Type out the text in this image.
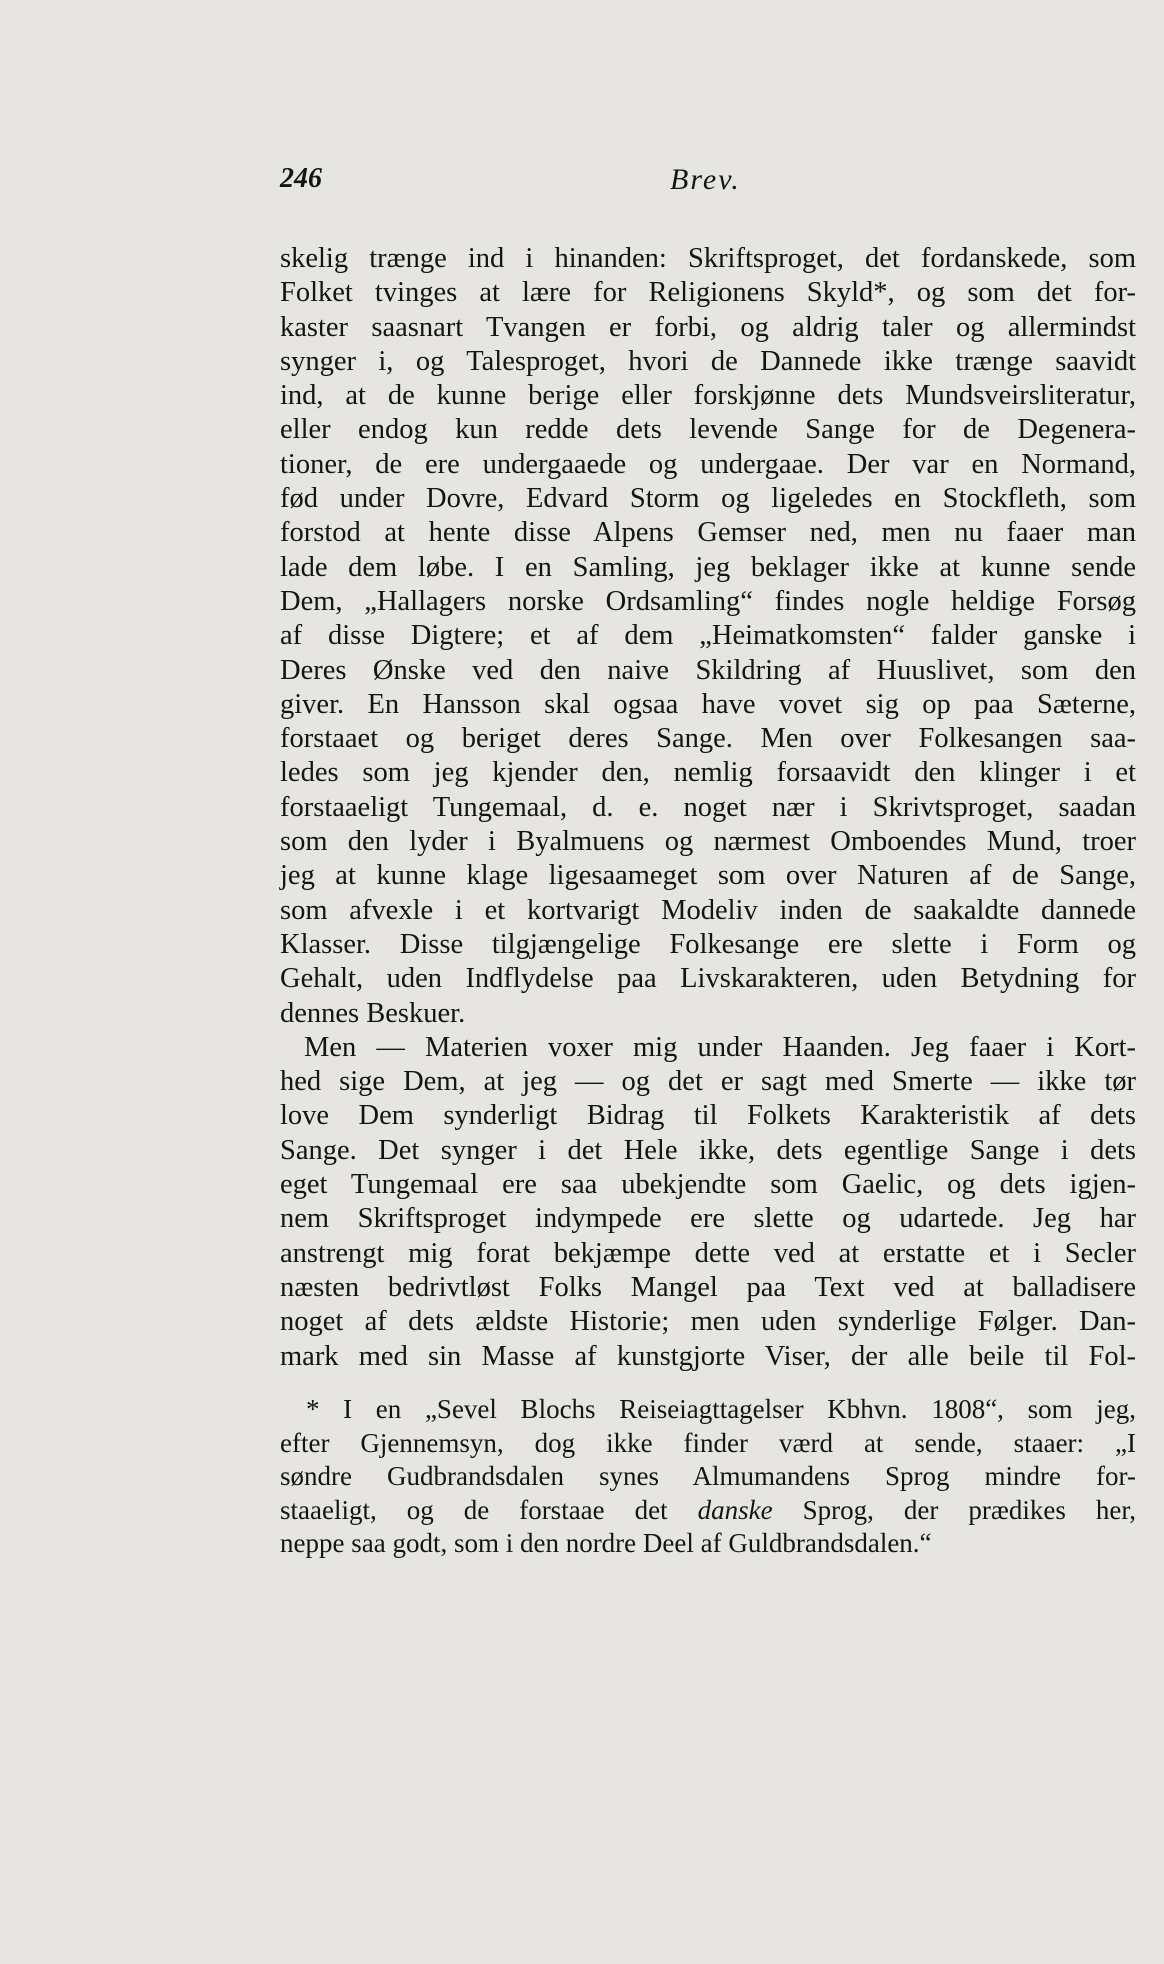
246	Brev.
skelig trænge ind i hinanden: Skriftsproget, det fordanskede, som
Folket tvinges at lære for Religionens Skyld*, og som det for-
kaster saasnart Tvangen er forbi, og aldrig taler og allermindst
synger i, og Talesproget, hvori de Dannede ikke trænge saavidt
ind, at de kunne berige eller forskjønne dets Mundsveirsliteratur,
eller endog kun redde dets levende Sange for de Degenera-
tioner, de ere undergaaede og undergaae. Der var en Normand,
fød under Dovre, Edvard Storm og ligeledes en Stockfleth, som
forstod at hente disse Alpens Gemser ned, men nu faaer man
lade dem løbe. I en Samling, jeg beklager ikke at kunne sende
Dem, „Hallagers norske Ordsamling“ findes nogle heldige Forsøg
af disse Digtere; et af dem „Heimatkomsten“ falder ganske i
Deres Ønske ved den naive Skildring af Huuslivet, som den
giver. En Hansson skal ogsaa have vovet sig op paa Sæterne,
forstaaet og beriget deres Sange. Men over Folkesangen saa-
ledes som jeg kjender den, nemlig forsaavidt den klinger i et
forstaaeligt Tungemaal, d. e. noget nær i Skrivtsproget, saadan
som den lyder i Byalmuens og nærmest Omboendes Mund, troer
jeg at kunne klage ligesaameget som over Naturen af de Sange,
som afvexle i et kortvarigt Modeliv inden de saakaldte dannede
Klasser. Disse tilgjængelige Folkesange ere slette i Form og
Gehalt, uden Indflydelse paa Livskarakteren, uden Betydning for
dennes Beskuer.
Men — Materien voxer mig under Haanden. Jeg faaer i Kort-
hed sige Dem, at jeg — og det er sagt med Smerte — ikke tør
love Dem synderligt Bidrag til Folkets Karakteristik af dets
Sange. Det synger i det Hele ikke, dets egentlige Sange i dets
eget Tungemaal ere saa ubekjendte som Gaelic, og dets igjen-
nem Skriftsproget indympede ere slette og udartede. Jeg har
anstrengt mig forat bekjæmpe dette ved at erstatte et i Secler
næsten bedrivtløst Folks Mangel paa Text ved at balladisere
noget af dets ældste Historie; men uden synderlige Følger. Dan-
mark med sin Masse af kunstgjorte Viser, der alle beile til Fol-
* I en „Sevel Blochs Reiseiagttagelser Kbhvn. 1808“, som jeg,
efter Gjennemsyn, dog ikke finder værd at sende, staaer: „I
søndre Gudbrandsdalen synes Almumandens Sprog mindre for-
staaeligt, og de forstaae det danske Sprog, der prædikes her,
neppe saa godt, som i den nordre Deel af Guldbrandsdalen.“
